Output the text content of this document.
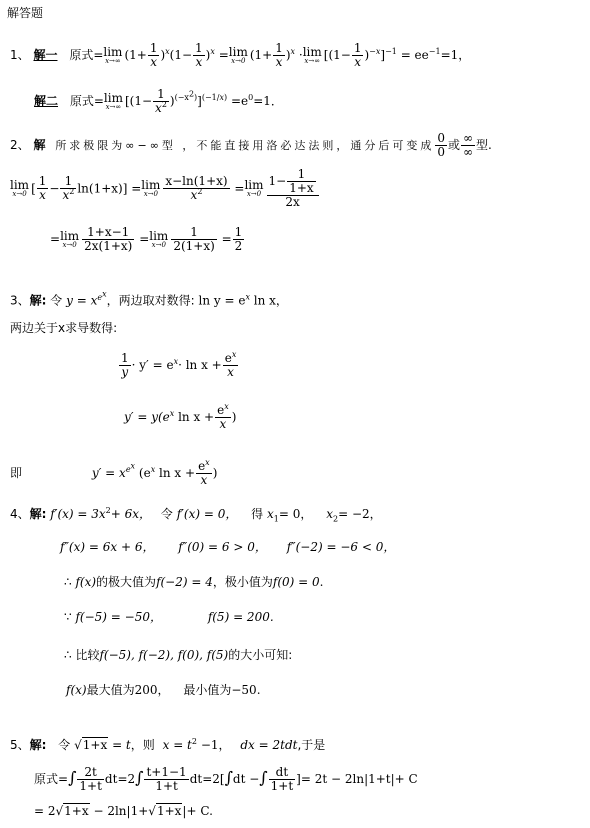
解答题
1、 解一 原式= lim
x→∞ $(1+ \frac{1}{x} )^x(1- \frac{1}{x} )^x = \lim$
x→0 $(1+ \frac{1}{x} )^x \cdot \lim$
x→∞ $[(1- \frac{1}{x} )^{-x}]^{-1} = ee^{-1}=1$，
解二 原式= lim
x→∞ $[(1- \frac{1}{x^2} )^{(-x^2)}]^{(-1/x)} =e^0=1$．
2、 解 所求极限为∞−∞型 ，不能直接用洛必达法则，通分后可变成 $\frac{0}{0}$ 或 $\frac{\infty}{\infty}$ 型.
lim
x→0 [ $\frac{1}{x} - \frac{1}{x^2} \ln(1+x)] = \lim$
$x\to 0 \frac{x-\ln(1+x)}{x^2} = \lim$
$x\to 0 \frac{1- \frac{1}{1+x}}{2x}$
= lim
$x\to 0 \frac{1+x-1}{2x(1+x)} = \lim$
$x\to 0 \frac{1}{2(1+x)} = \frac{1}{2}$
3、解: 令 $y = x^{e^x}$，两边取对数得: $\ln y = e^x$ ln x，
两边关于x求导数得:
$\frac{1}{y} \cdot y' = e^x\cdot \ln x + \frac{e^x}{x}$
$y' = y(e^x$ $\ln x + \frac{e^x}{x}$ )
即	$y' = x^{e^x}$ ($e^x$ $\ln x + \frac{e^x}{x}$ )
4、解: $f'(x) = 3x^2+ 6x$， 令 f′(x) = 0， 得 $x_1= 0$， $x_2= -2$，
f″(x) = 6x + 6， f″(0) = 6 > 0， f″(−2) = −6 < 0，
∴ f(x)的极大值为f(−2) = 4，极小值为f(0) = 0.
∵ f(−5) = −50，	f(5) = 200.
∴ 比较f(−5), f(−2), f(0), f(5)的大小可知:
f(x)最大值为200， 最小值为−50.
5、解: 令 √1+x = t，则 $x = t^2 -1$， dx = 2tdt,于是
原式=∫ $\frac{2t}{1+t} dt=2\int \frac{t+1-1}{1+t} dt=2[\int dt$ −∫ $\frac{dt}{1+t}$ ]= 2t − 2ln|1+t|+ C
= 2√1+x − 2ln|1+√1+x|+ C.
